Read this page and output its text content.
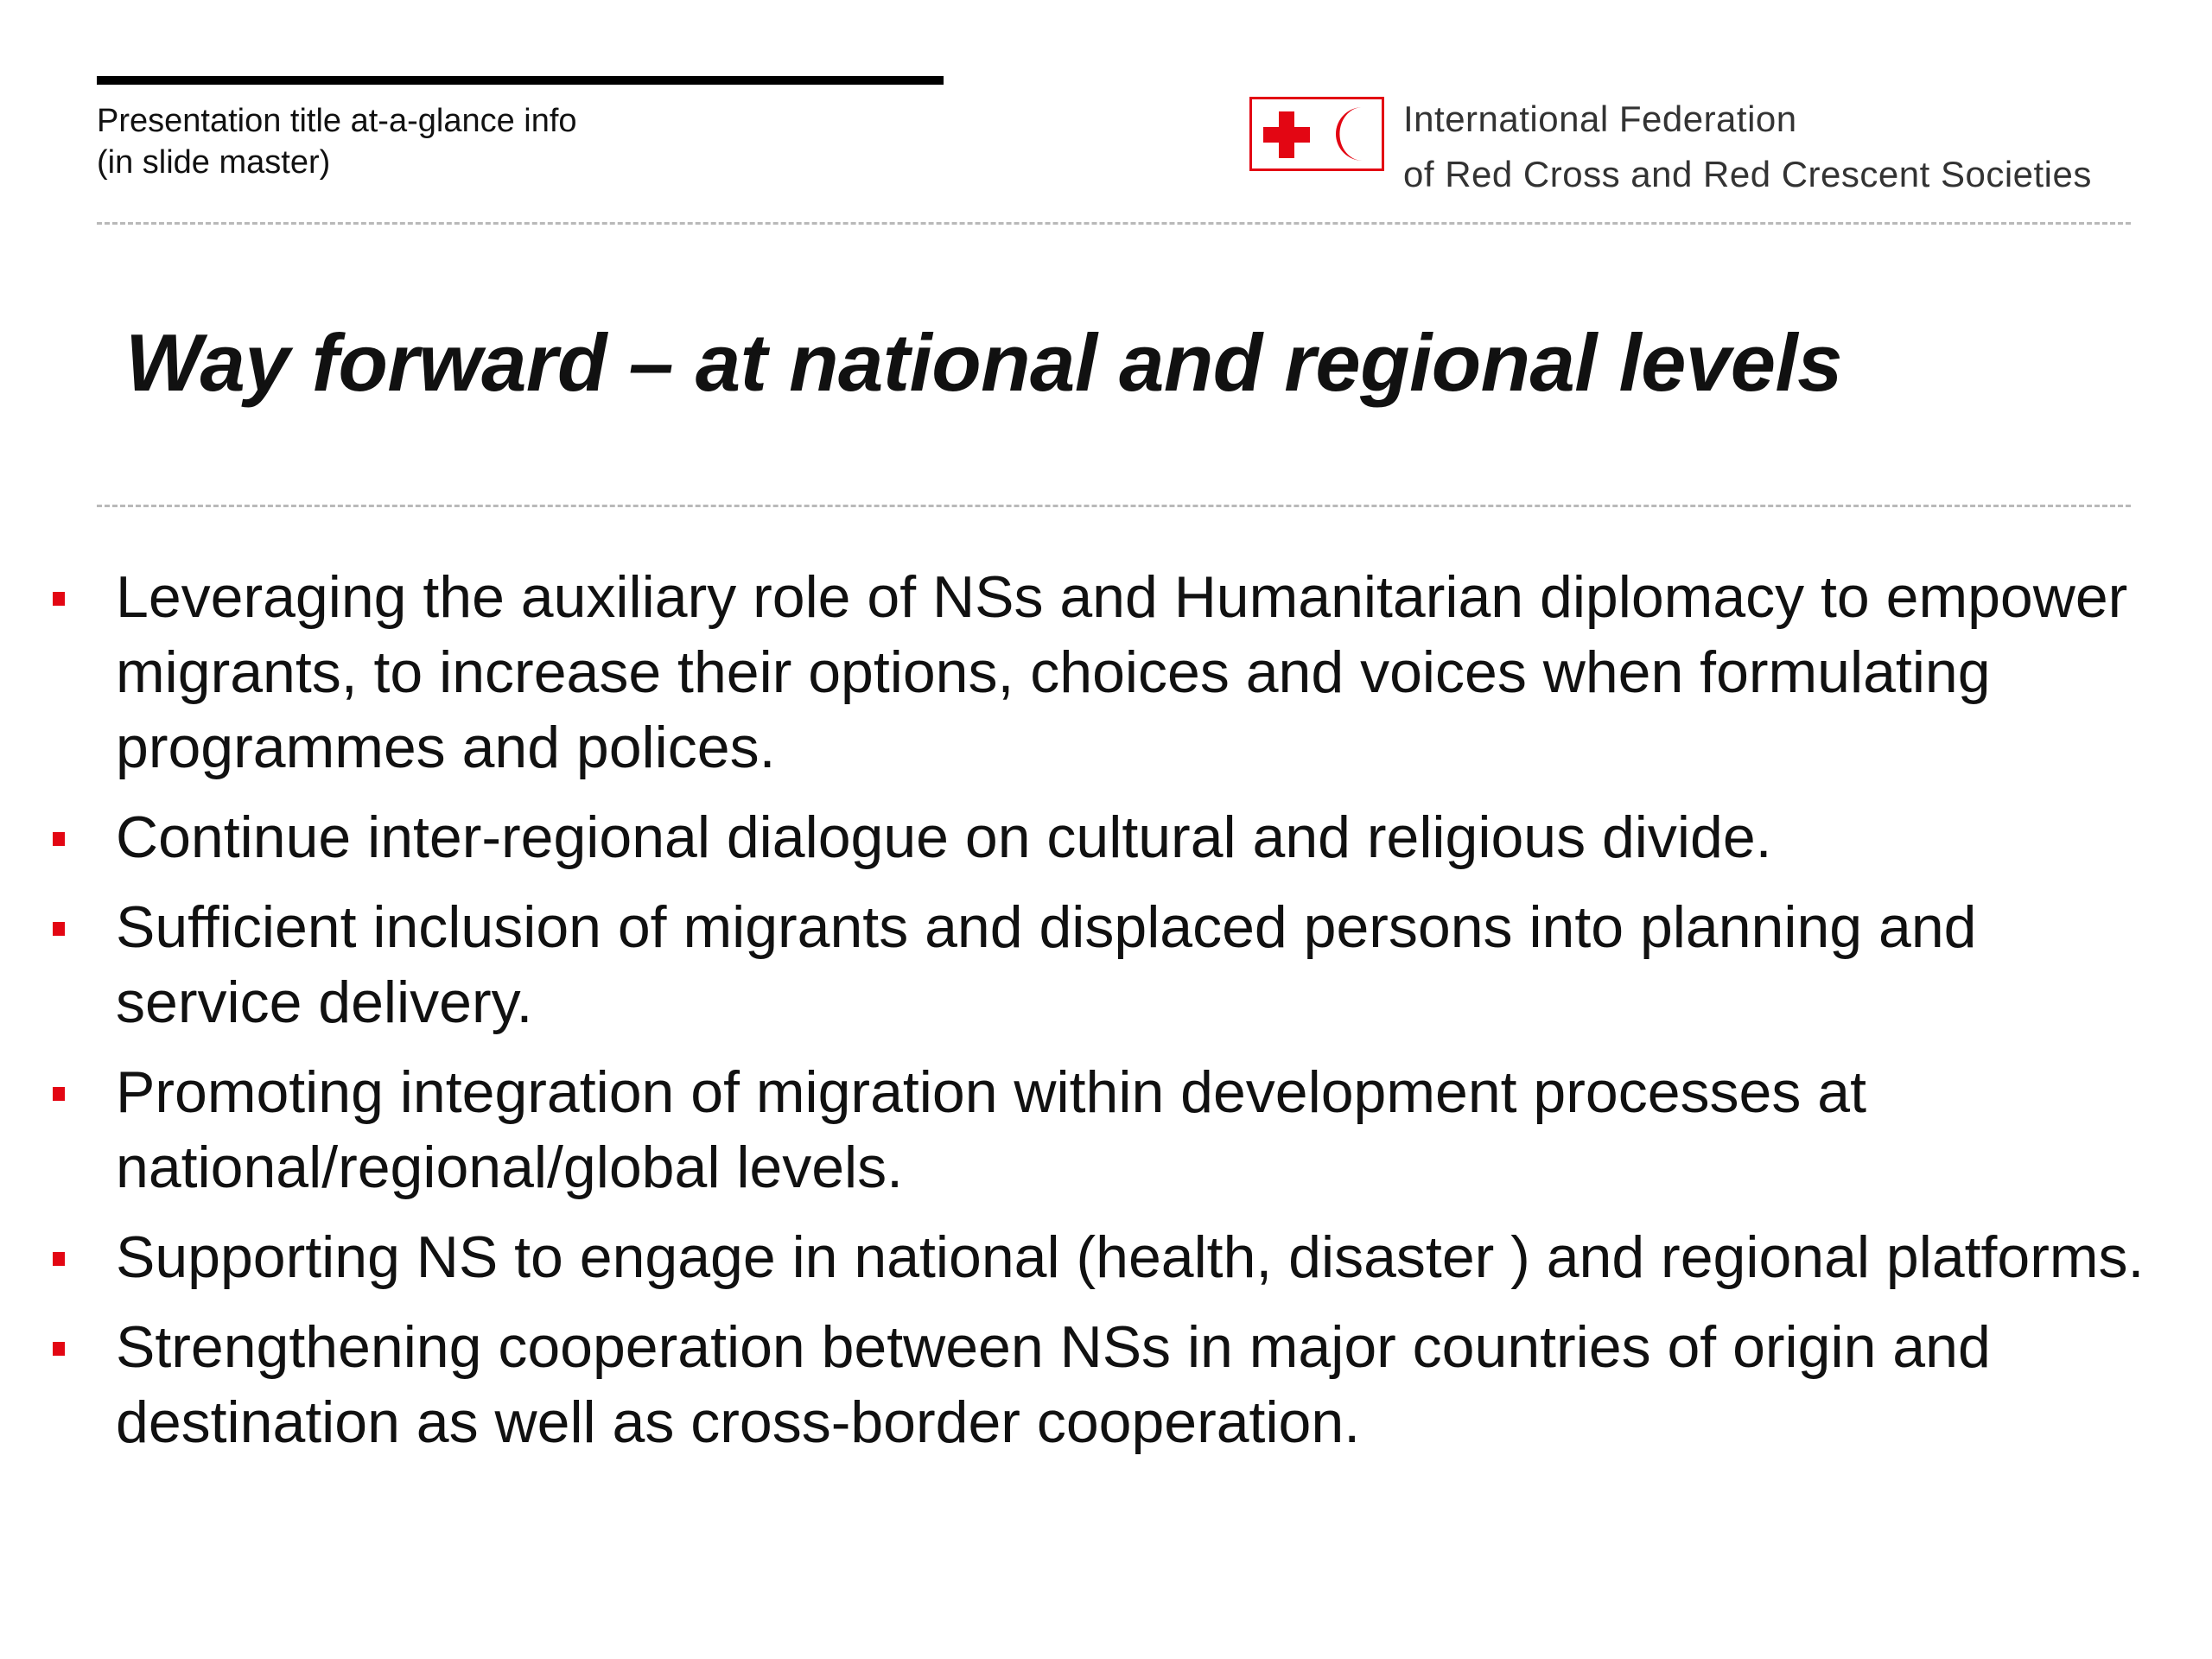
Presentation title at-a-glance info
(in slide master)
International Federation
of Red Cross and Red Crescent Societies
Way forward – at national and regional levels
Leveraging the auxiliary role of NSs and Humanitarian diplomacy to empower migrants, to increase their options, choices and voices when formulating programmes and polices.
Continue inter-regional dialogue on cultural and religious divide.
Sufficient inclusion of migrants and displaced persons into planning and service delivery.
Promoting integration of migration within development processes at national/regional/global levels.
Supporting NS to engage in national (health, disaster ) and regional platforms.
Strengthening cooperation between NSs in major countries of origin and destination as well as cross-border cooperation.
